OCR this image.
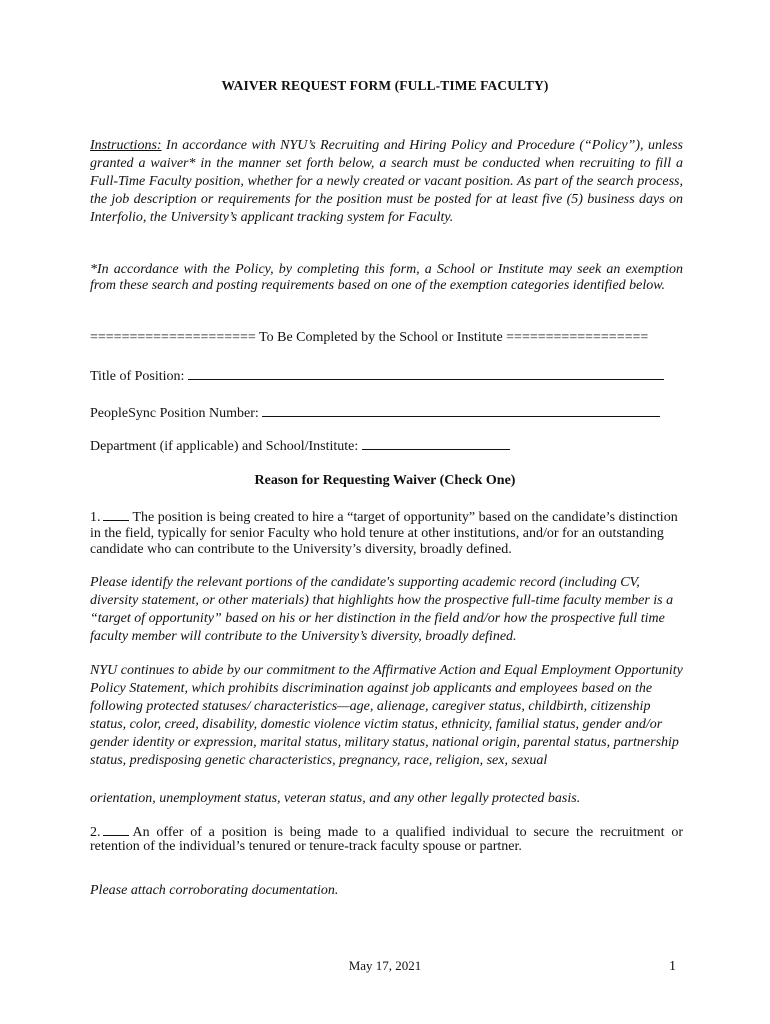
WAIVER REQUEST FORM (FULL-TIME FACULTY)
Instructions: In accordance with NYU’s Recruiting and Hiring Policy and Procedure (“Policy”), unless granted a waiver* in the manner set forth below, a search must be conducted when recruiting to fill a Full-Time Faculty position, whether for a newly created or vacant position. As part of the search process, the job description or requirements for the position must be posted for at least five (5) business days on Interfolio, the University’s applicant tracking system for Faculty.
*In accordance with the Policy, by completing this form, a School or Institute may seek an exemption from these search and posting requirements based on one of the exemption categories identified below.
===================== To Be Completed by the School or Institute ==================
Title of Position:
PeopleSync Position Number:
Department (if applicable) and School/Institute:
Reason for Requesting Waiver (Check One)
1. The position is being created to hire a “target of opportunity” based on the candidate’s distinction in the field, typically for senior Faculty who hold tenure at other institutions, and/or for an outstanding candidate who can contribute to the University’s diversity, broadly defined.
Please identify the relevant portions of the candidate's supporting academic record (including CV, diversity statement, or other materials) that highlights how the prospective full-time faculty member is a “target of opportunity” based on his or her distinction in the field and/or how the prospective full time faculty member will contribute to the University’s diversity, broadly defined.
NYU continues to abide by our commitment to the Affirmative Action and Equal Employment Opportunity Policy Statement, which prohibits discrimination against job applicants and employees based on the following protected statuses/ characteristics—age, alienage, caregiver status, childbirth, citizenship status, color, creed, disability, domestic violence victim status, ethnicity, familial status, gender and/or gender identity or expression, marital status, military status, national origin, parental status, partnership status, predisposing genetic characteristics, pregnancy, race, religion, sex, sexual
orientation, unemployment status, veteran status, and any other legally protected basis.
2. An offer of a position is being made to a qualified individual to secure the recruitment or retention of the individual’s tenured or tenure-track faculty spouse or partner.
Please attach corroborating documentation.
May 17, 2021	1
